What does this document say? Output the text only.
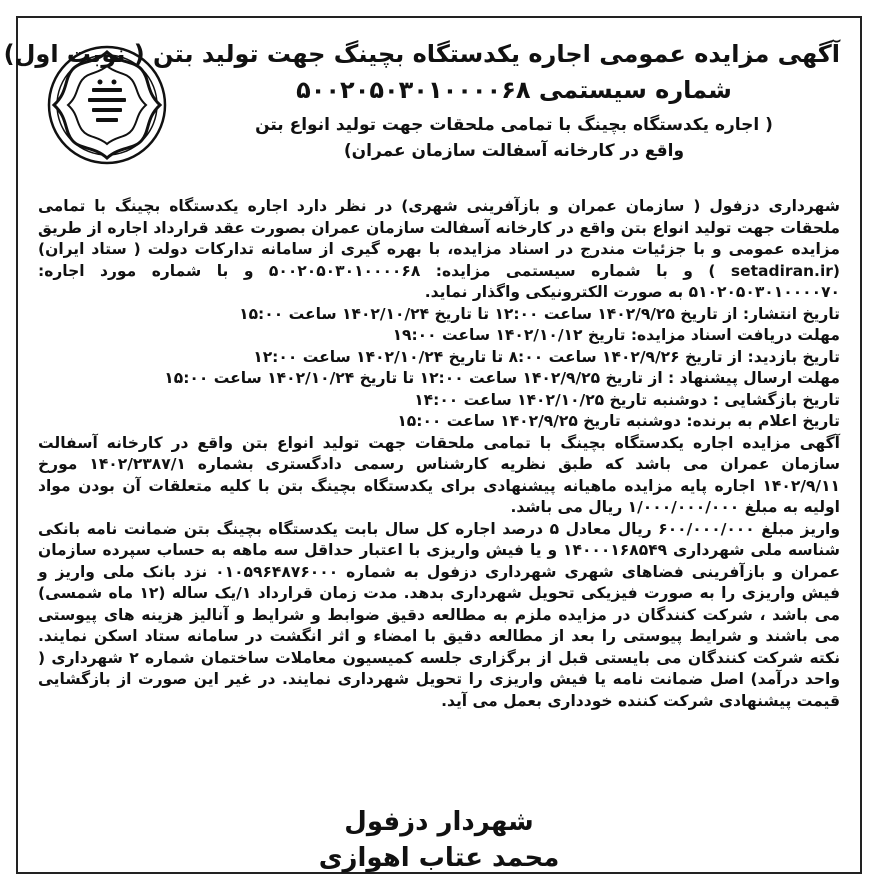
آگهی مزایده عمومی اجاره یکدستگاه بچینگ جهت تولید بتن ( نوبت اول)
شماره سیستمی ۵۰۰۲۰۵۰۳۰۱۰۰۰۰۶۸
( اجاره یکدستگاه بچینگ با تمامی ملحقات جهت تولید انواع بتن
واقع در کارخانه آسفالت سازمان عمران)

شهرداری دزفول ( سازمان عمران و بازآفرینی شهری) در نظر دارد اجاره یکدستگاه بچینگ با تمامی ملحقات جهت تولید انواع بتن واقع در کارخانه آسفالت سازمان عمران بصورت عقد قرارداد اجاره از طریق مزایده عمومی و با جزئیات مندرج در اسناد مزایده، با بهره گیری از سامانه تدارکات دولت ( ستاد ایران) (setadiran.ir ) و با شماره سیستمی مزایده: ۵۰۰۲۰۵۰۳۰۱۰۰۰۰۶۸ و با شماره مورد اجاره: ۵۱۰۲۰۵۰۳۰۱۰۰۰۰۷۰ به صورت الکترونیکی واگذار نماید.

تاریخ انتشار: از تاریخ ۱۴۰۲/۹/۲۵ ساعت ۱۲:۰۰ تا تاریخ ۱۴۰۲/۱۰/۲۴ ساعت ۱۵:۰۰
مهلت دریافت اسناد مزایده: تاریخ ۱۴۰۲/۱۰/۱۲ ساعت ۱۹:۰۰
تاریخ بازدید: از تاریخ ۱۴۰۲/۹/۲۶ ساعت ۸:۰۰ تا تاریخ ۱۴۰۲/۱۰/۲۴ ساعت ۱۲:۰۰
مهلت ارسال پیشنهاد : از تاریخ ۱۴۰۲/۹/۲۵ ساعت ۱۲:۰۰ تا تاریخ ۱۴۰۲/۱۰/۲۴ ساعت ۱۵:۰۰
تاریخ بازگشایی : دوشنبه تاریخ ۱۴۰۲/۱۰/۲۵ ساعت ۱۴:۰۰
تاریخ اعلام به برنده: دوشنبه تاریخ ۱۴۰۲/۹/۲۵ ساعت ۱۵:۰۰

آگهی مزایده اجاره یکدستگاه بچینگ با تمامی ملحقات جهت تولید انواع بتن واقع در کارخانه آسفالت سازمان عمران می باشد که طبق نظریه کارشناس رسمی دادگستری بشماره ۱۴۰۲/۲۳۸۷/۱ مورخ ۱۴۰۲/۹/۱۱ اجاره پایه مزایده ماهیانه پیشنهادی برای یکدستگاه بچینگ بتن با کلیه متعلقات آن بودن مواد اولیه به مبلغ ۱/۰۰۰/۰۰۰/۰۰۰ ریال می باشد.

واریز مبلغ ۶۰۰/۰۰۰/۰۰۰ ریال معادل ۵ درصد اجاره کل سال بابت یکدستگاه بچینگ بتن ضمانت نامه بانکی شناسه ملی شهرداری ۱۴۰۰۰۱۶۸۵۴۹ و یا فیش واریزی با اعتبار حداقل سه ماهه به حساب سپرده سازمان عمران و بازآفرینی فضاهای شهری شهرداری دزفول به شماره ۰۱۰۵۹۶۴۸۷۶۰۰۰ نزد بانک ملی واریز و فیش واریزی را به صورت فیزیکی تحویل شهرداری بدهد. مدت زمان قرارداد ۱/یک ساله (۱۲ ماه شمسی) می باشد ، شرکت کنندگان در مزایده ملزم به مطالعه دقیق ضوابط و شرایط و آنالیز هزینه های پیوستی می باشند و شرایط پیوستی را بعد از مطالعه دقیق با امضاء و اثر انگشت در سامانه ستاد اسکن نمایند. نکته شرکت کنندگان می بایستی قبل از برگزاری جلسه کمیسیون معاملات ساختمان شماره ۲ شهرداری ( واحد درآمد) اصل ضمانت نامه یا فیش واریزی را تحویل شهرداری نمایند. در غیر این صورت از بازگشایی قیمت پیشنهادی شرکت کننده خودداری بعمل می آید.

شهردار دزفول
محمد عتاب اهوازی
